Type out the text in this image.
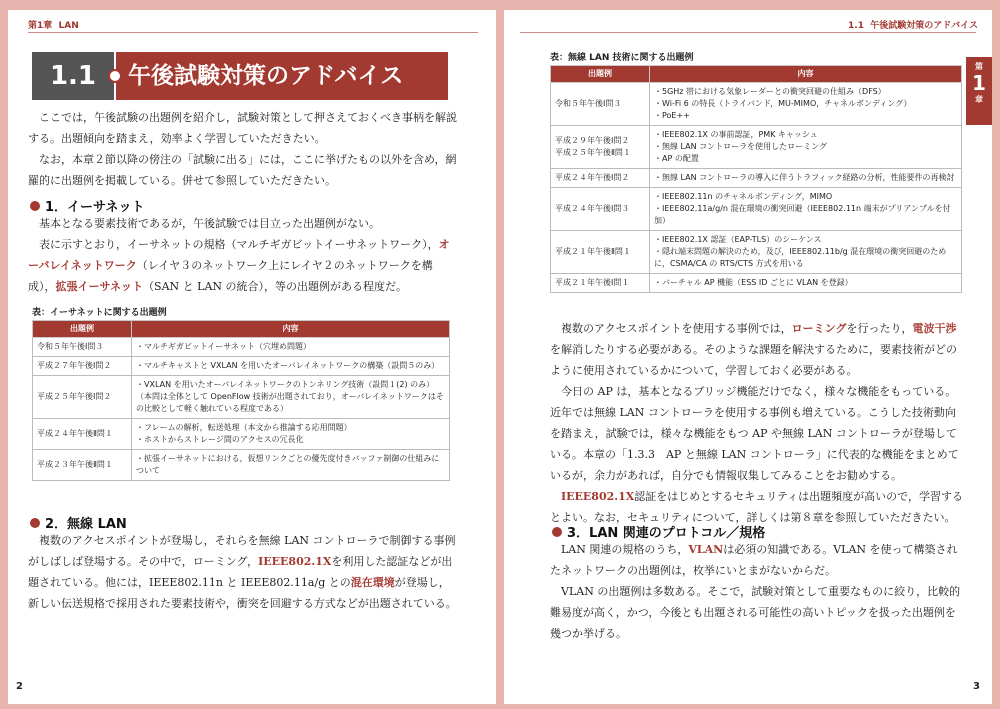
第1章 LAN
1.1	午後試験対策のアドバイス

ここでは，午後試験の出題例を紹介し，試験対策として押さえておくべき事柄を解説する。出題傾向を踏まえ，効率よく学習していただきたい。

なお，本章２節以降の傍注の「試験に出る」には，ここに挙げたもの以外を含め，網羅的に出題例を掲載している。併せて参照していただきたい。

1．イーサネット

基本となる要素技術であるが，午後試験では目立った出題例がない。

表に示すとおり，イーサネットの規格（マルチギガビットイーサネットワーク），オーバレイネットワーク（レイヤ３のネットワーク上にレイヤ２のネットワークを構成），拡張イーサネット（SAN と LAN の統合），等の出題例がある程度だ。

表：イーサネットに関する出題例
出題例	内容
令和５年午後Ⅰ問３	・マルチギガビットイーサネット（穴埋め問題）
平成２７年午後Ⅰ問２	・マルチキャストと VXLAN を用いたオーバレイネットワークの構築（設問５のみ）
平成２５年午後Ⅰ問２	・VXLAN を用いたオーバレイネットワークのトンネリング技術（設問１(2) のみ）（本問は全体として OpenFlow 技術が出題されており，オーバレイネットワークはその比較として軽く触れている程度である）
平成２４年午後Ⅱ問１	・フレームの解析，転送処理（本文から推論する応用問題）
・ホストからストレージ間のアクセスの冗長化
平成２３年午後Ⅱ問１	・拡張イーサネットにおける，仮想リンクごとの優先度付きバッファ制御の仕組みについて
2．無線 LAN

複数のアクセスポイントが登場し，それらを無線 LAN コントローラで制御する事例がしばしば登場する。その中で，ローミング，IEEE802.1Xを利用した認証などが出題されている。他には，IEEE802.11n と IEEE802.11a/g との混在環境が登場し，新しい伝送規格で採用された要素技術や，衝突を回避する方式などが出題されている。

2
1.1 午後試験対策のアドバイス
第
1
章
表：無線 LAN 技術に関する出題例
出題例	内容
令和５年午後Ⅰ問３	・5GHz 帯における気象レーダーとの衝突回避の仕組み（DFS）
・Wi-Fi 6 の特長（トライバンド，MU-MIMO，チャネルボンディング）
・PoE++
平成２９年午後Ⅰ問２
平成２５年午後Ⅱ問１	・IEEE802.1X の事前認証，PMK キャッシュ
・無線 LAN コントローラを使用したローミング
・AP の配置
平成２４年午後Ⅰ問２	・無線 LAN コントローラの導入に伴うトラフィック経路の分析，性能要件の再検討
平成２４年午後Ⅰ問３	・IEEE802.11n のチャネルボンディング，MIMO
・IEEE802.11a/g/n 混在環境の衝突回避（IEEE802.11n 端末がプリアンブルを付加）
平成２１年午後Ⅱ問１	・IEEE802.1X 認証（EAP-TLS）のシーケンス
・隠れ端末問題の解決のため，及び，IEEE802.11b/g 混在環境の衝突回避のために，CSMA/CA の RTS/CTS 方式を用いる
平成２１年午後Ⅰ問１	・バーチャル AP 機能（ESS ID ごとに VLAN を登録）

複数のアクセスポイントを使用する事例では，ローミングを行ったり，電波干渉を解消したりする必要がある。そのような課題を解決するために，要素技術がどのように使用されているかについて，学習しておく必要がある。

今日の AP は，基本となるブリッジ機能だけでなく，様々な機能をもっている。近年では無線 LAN コントローラを使用する事例も増えている。こうした技術動向を踏まえ，試験では，様々な機能をもつ AP や無線 LAN コントローラが登場している。本章の「1.3.3　AP と無線 LAN コントローラ」に代表的な機能をまとめているが，余力があれば，自分でも情報収集してみることをお勧めする。

IEEE802.1X認証をはじめとするセキュリティは出題頻度が高いので，学習するとよい。なお，セキュリティについて，詳しくは第８章を参照していただきたい。

3．LAN 関連のプロトコル／規格

LAN 関連の規格のうち，VLANは必須の知識である。VLAN を使って構築されたネットワークの出題例は，枚挙にいとまがないからだ。

VLAN の出題例は多数ある。そこで，試験対策として重要なものに絞り，比較的難易度が高く，かつ，今後とも出題される可能性の高いトピックを扱った出題例を幾つか挙げる。

3
